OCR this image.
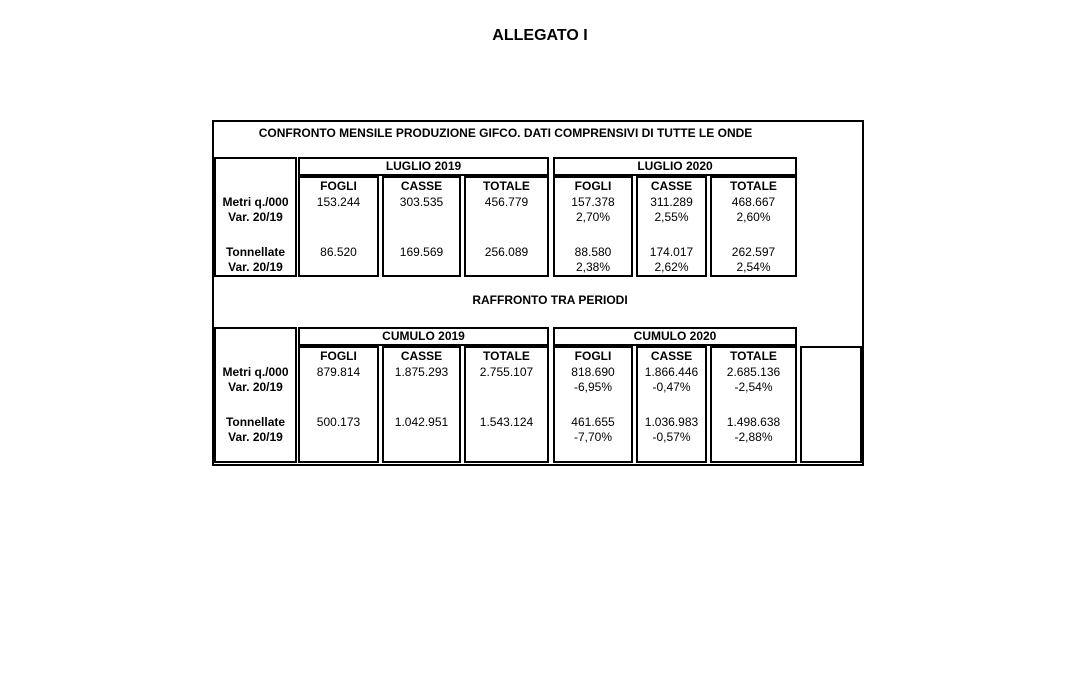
ALLEGATO I
CONFRONTO MENSILE PRODUZIONE GIFCO. DATI COMPRENSIVI DI TUTTE LE ONDE
Metri q./000
Var. 20/19
Tonnellate
Var. 20/19
LUGLIO 2019	LUGLIO 2020
FOGLI
153.244
86.520
CASSE
303.535
169.569
TOTALE
456.779
256.089
FOGLI
157.378
2,70%
88.580
2,38%
CASSE
311.289
2,55%
174.017
2,62%
TOTALE
468.667
2,60%
262.597
2,54%
RAFFRONTO TRA PERIODI
Metri q./000
Var. 20/19
Tonnellate
Var. 20/19
CUMULO 2019	CUMULO 2020
FOGLI
879.814
500.173
CASSE
1.875.293
1.042.951
TOTALE
2.755.107
1.543.124
FOGLI
818.690
-6,95%
461.655
-7,70%
CASSE
1.866.446
-0,47%
1.036.983
-0,57%
TOTALE
2.685.136
-2,54%
1.498.638
-2,88%
